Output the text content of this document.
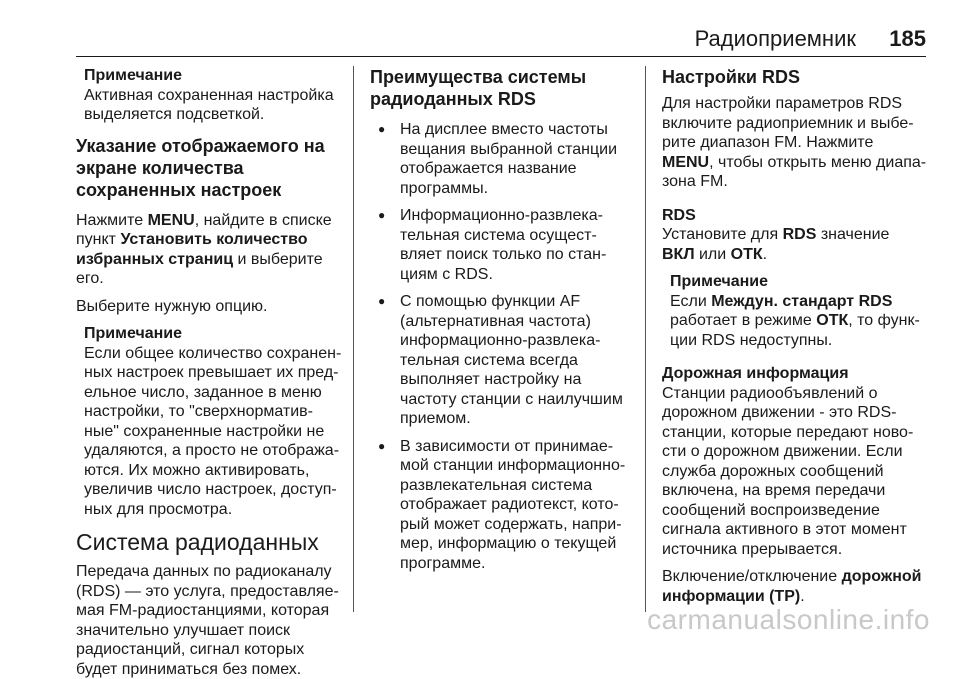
Радиоприемник 185
Примечание
Активная сохраненная настройка
выделяется подсветкой.
Указание отображаемого на
экране количества
сохраненных настроек
Нажмите MENU, найдите в списке
пункт Установить количество
избранных страниц и выберите его.
Выберите нужную опцию.
Примечание
Если общее количество сохранен-
ных настроек превышает их пред-
ельное число, заданное в меню
настройки, то "сверхнорматив-
ные" сохраненные настройки не
удаляются, а просто не отобража-
ются. Их можно активировать,
увеличив число настроек, доступ-
ных для просмотра.
Система радиоданных
Передача данных по радиоканалу
(RDS) — это услуга, предоставляе-
мая FM-радиостанциями, которая
значительно улучшает поиск
радиостанций, сигнал которых
будет приниматься без помех.
Преимущества системы
радиоданных RDS
● На дисплее вместо частоты
вещания выбранной станции
отображается название
программы.
● Информационно-развлека-
тельная система осущест-
вляет поиск только по стан-
циям с RDS.
● С помощью функции AF
(альтернативная частота)
информационно-развлека-
тельная система всегда
выполняет настройку на
частоту станции с наилучшим
приемом.
● В зависимости от принимае-
мой станции информационно-
развлекательная система
отображает радиотекст, кото-
рый может содержать, напри-
мер, информацию о текущей
программе.
Настройки RDS
Для настройки параметров RDS
включите радиоприемник и выбе-
рите диапазон FM. Нажмите
MENU, чтобы открыть меню диапа-
зона FM.
RDS
Установите для RDS значение
ВКЛ или ОТК.
Примечание
Если Междун. стандарт RDS
работает в режиме ОТК, то функ-
ции RDS недоступны.
Дорожная информация
Станции радиообъявлений о
дорожном движении - это RDS-
станции, которые передают ново-
сти о дорожном движении. Если
служба дорожных сообщений
включена, на время передачи
сообщений воспроизведение
сигнала активного в этот момент
источника прерывается.
Включение/отключение дорожной
информации (TP).
carmanualsonline.info
